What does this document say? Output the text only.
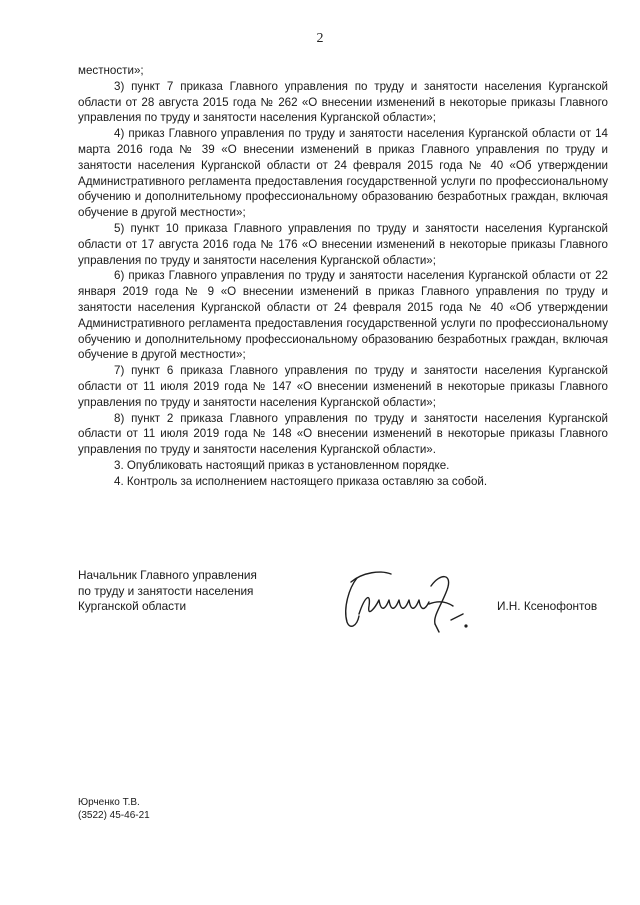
2

местности»;

3) пункт 7 приказа Главного управления по труду и занятости населения Курганской области от 28 августа 2015 года № 262 «О внесении изменений в некоторые приказы Главного управления по труду и занятости населения Курганской области»;

4) приказ Главного управления по труду и занятости населения Курганской области от 14 марта 2016 года № 39 «О внесении изменений в приказ Главного управления по труду и занятости населения Курганской области от 24 февраля 2015 года № 40 «Об утверждении Административного регламента предоставления государственной услуги по профессиональному обучению и дополнительному профессиональному образованию безработных граждан, включая обучение в другой местности»;

5) пункт 10 приказа Главного управления по труду и занятости населения Курганской области от 17 августа 2016 года № 176 «О внесении изменений в некоторые приказы Главного управления по труду и занятости населения Курганской области»;

6) приказ Главного управления по труду и занятости населения Курганской области от 22 января 2019 года № 9 «О внесении изменений в приказ Главного управления по труду и занятости населения Курганской области от 24 февраля 2015 года № 40 «Об утверждении Административного регламента предоставления государственной услуги по профессиональному обучению и дополнительному профессиональному образованию безработных граждан, включая обучение в другой местности»;

7) пункт 6 приказа Главного управления по труду и занятости населения Курганской области от 11 июля 2019 года № 147 «О внесении изменений в некоторые приказы Главного управления по труду и занятости населения Курганской области»;

8) пункт 2 приказа Главного управления по труду и занятости населения Курганской области от 11 июля 2019 года № 148 «О внесении изменений в некоторые приказы Главного управления по труду и занятости населения Курганской области».

3. Опубликовать настоящий приказ в установленном порядке.

4. Контроль за исполнением настоящего приказа оставляю за собой.

Начальник Главного управления
по труду и занятости населения
Курганской области	И.Н. Ксенофонтов
Юрченко Т.В.
(3522) 45-46-21
